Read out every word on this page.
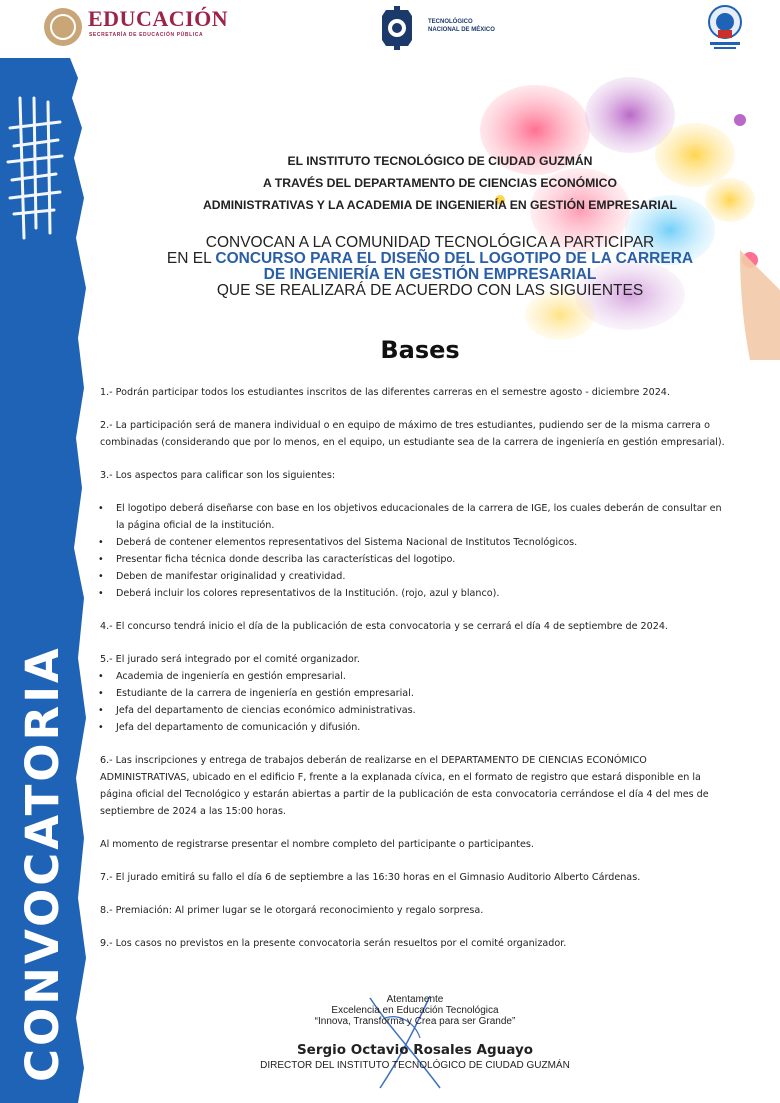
EDUCACIÓN
SECRETARÍA DE EDUCACIÓN PÚBLICA
TECNOLÓGICO NACIONAL DE MÉXICO
CONVOCATORIA
EL INSTITUTO TECNOLÓGICO DE CIUDAD GUZMÁN
A TRAVÉS DEL DEPARTAMENTO DE CIENCIAS ECONÓMICO
ADMINISTRATIVAS Y LA ACADEMIA DE INGENIERÍA EN GESTIÓN EMPRESARIAL
CONVOCAN A LA COMUNIDAD TECNOLÓGICA A PARTICIPAR
EN EL CONCURSO PARA EL DISEÑO DEL LOGOTIPO DE LA CARRERA
DE INGENIERÍA EN GESTIÓN EMPRESARIAL
QUE SE REALIZARÁ DE ACUERDO CON LAS SIGUIENTES
Bases

1.- Podrán participar todos los estudiantes inscritos de las diferentes carreras en el semestre agosto - diciembre 2024.

2.- La participación será de manera individual o en equipo de máximo de tres estudiantes, pudiendo ser de la misma carrera o combinadas (considerando que por lo menos, en el equipo, un estudiante sea de la carrera de ingeniería en gestión empresarial).

3.- Los aspectos para calificar son los siguientes:

• El logotipo deberá diseñarse con base en los objetivos educacionales de la carrera de IGE, los cuales deberán de consultar en la página oficial de la institución.

• Deberá de contener elementos representativos del Sistema Nacional de Institutos Tecnológicos.

• Presentar ficha técnica donde describa las características del logotipo.

• Deben de manifestar originalidad y creatividad.

• Deberá incluir los colores representativos de la Institución. (rojo, azul y blanco).

4.- El concurso tendrá inicio el día de la publicación de esta convocatoria y se cerrará el día 4 de septiembre de 2024.

5.- El jurado será integrado por el comité organizador.

• Academia de ingeniería en gestión empresarial.

• Estudiante de la carrera de ingeniería en gestión empresarial.

• Jefa del departamento de ciencias económico administrativas.

• Jefa del departamento de comunicación y difusión.

6.- Las inscripciones y entrega de trabajos deberán de realizarse en el DEPARTAMENTO DE CIENCIAS ECONÓMICO ADMINISTRATIVAS, ubicado en el edificio F, frente a la explanada cívica, en el formato de registro que estará disponible en la página oficial del Tecnológico y estarán abiertas a partir de la publicación de esta convocatoria cerrándose el día 4 del mes de septiembre de 2024 a las 15:00 horas.

Al momento de registrarse presentar el nombre completo del participante o participantes.

7.- El jurado emitirá su fallo el día 6 de septiembre a las 16:30 horas en el Gimnasio Auditorio Alberto Cárdenas.

8.- Premiación: Al primer lugar se le otorgará reconocimiento y regalo sorpresa.

9.- Los casos no previstos en la presente convocatoria serán resueltos por el comité organizador.

Atentamente
Excelencia en Educación Tecnológica
“Innova, Transforma y Crea para ser Grande”
Sergio Octavio Rosales Aguayo
DIRECTOR DEL INSTITUTO TECNOLÓGICO DE CIUDAD GUZMÁN
